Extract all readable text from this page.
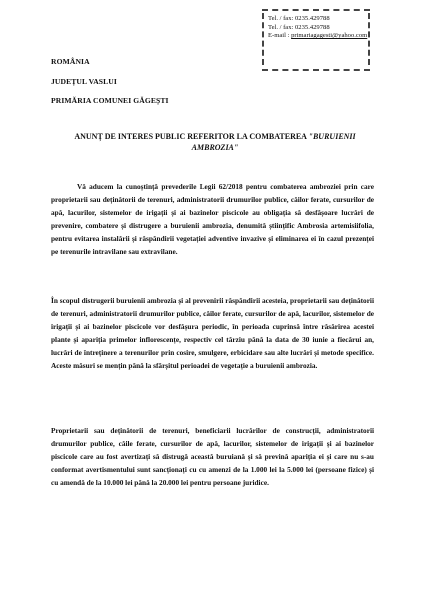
Tel. / fax: 0235.429788
Tel. / fax: 0235.429788
E-mail : primariagagesti@yahoo.com
ROMÂNIA
JUDEȚUL VASLUI
PRIMĂRIA COMUNEI GĂGEȘTI
ANUNȚ DE INTERES PUBLIC REFERITOR LA COMBATEREA "BURUIENII
AMBROZIA"
Vă aducem la cunoștință prevederile Legii 62/2018 pentru combaterea ambroziei prin care proprietarii sau deținătorii de terenuri, administratorii drumurilor publice, căilor ferate, cursurilor de apă, lacurilor, sistemelor de irigații și ai bazinelor piscicole au obligația să desfășoare lucrări de prevenire, combatere și distrugere a buruienii ambrozia, denumită științific Ambrosia artemisiifolia, pentru evitarea instalării și răspândirii vegetației adventive invazive și eliminarea ei în cazul prezenței pe terenurile intravilane sau extravilane.
În scopul distrugerii buruienii ambrozia și al prevenirii răspândirii acesteia, proprietarii sau deținătorii de terenuri, administratorii drumurilor publice, căilor ferate, cursurilor de apă, lacurilor, sistemelor de irigații și ai bazinelor piscicole vor desfășura periodic, în perioada cuprinsă între răsărirea acestei plante și apariția primelor inflorescențe, respectiv cel târziu până la data de 30 iunie a fiecărui an, lucrări de întreținere a terenurilor prin cosire, smulgere, erbicidare sau alte lucrări și metode specifice. Aceste măsuri se mențin până la sfârșitul perioadei de vegetație a buruienii ambrozia.
Proprietarii sau deținătorii de terenuri, beneficiarii lucrărilor de construcții, administratorii drumurilor publice, căile ferate, cursurilor de apă, lacurilor, sistemelor de irigații și ai bazinelor piscicole care au fost avertizați să distrugă această buruiană și să prevină apariția ei și care nu s-au conformat avertismentului sunt sancționați cu cu amenzi de la 1.000 lei la 5.000 lei (persoane fizice) și cu amendă de la 10.000 lei până la 20.000 lei pentru persoane juridice.
